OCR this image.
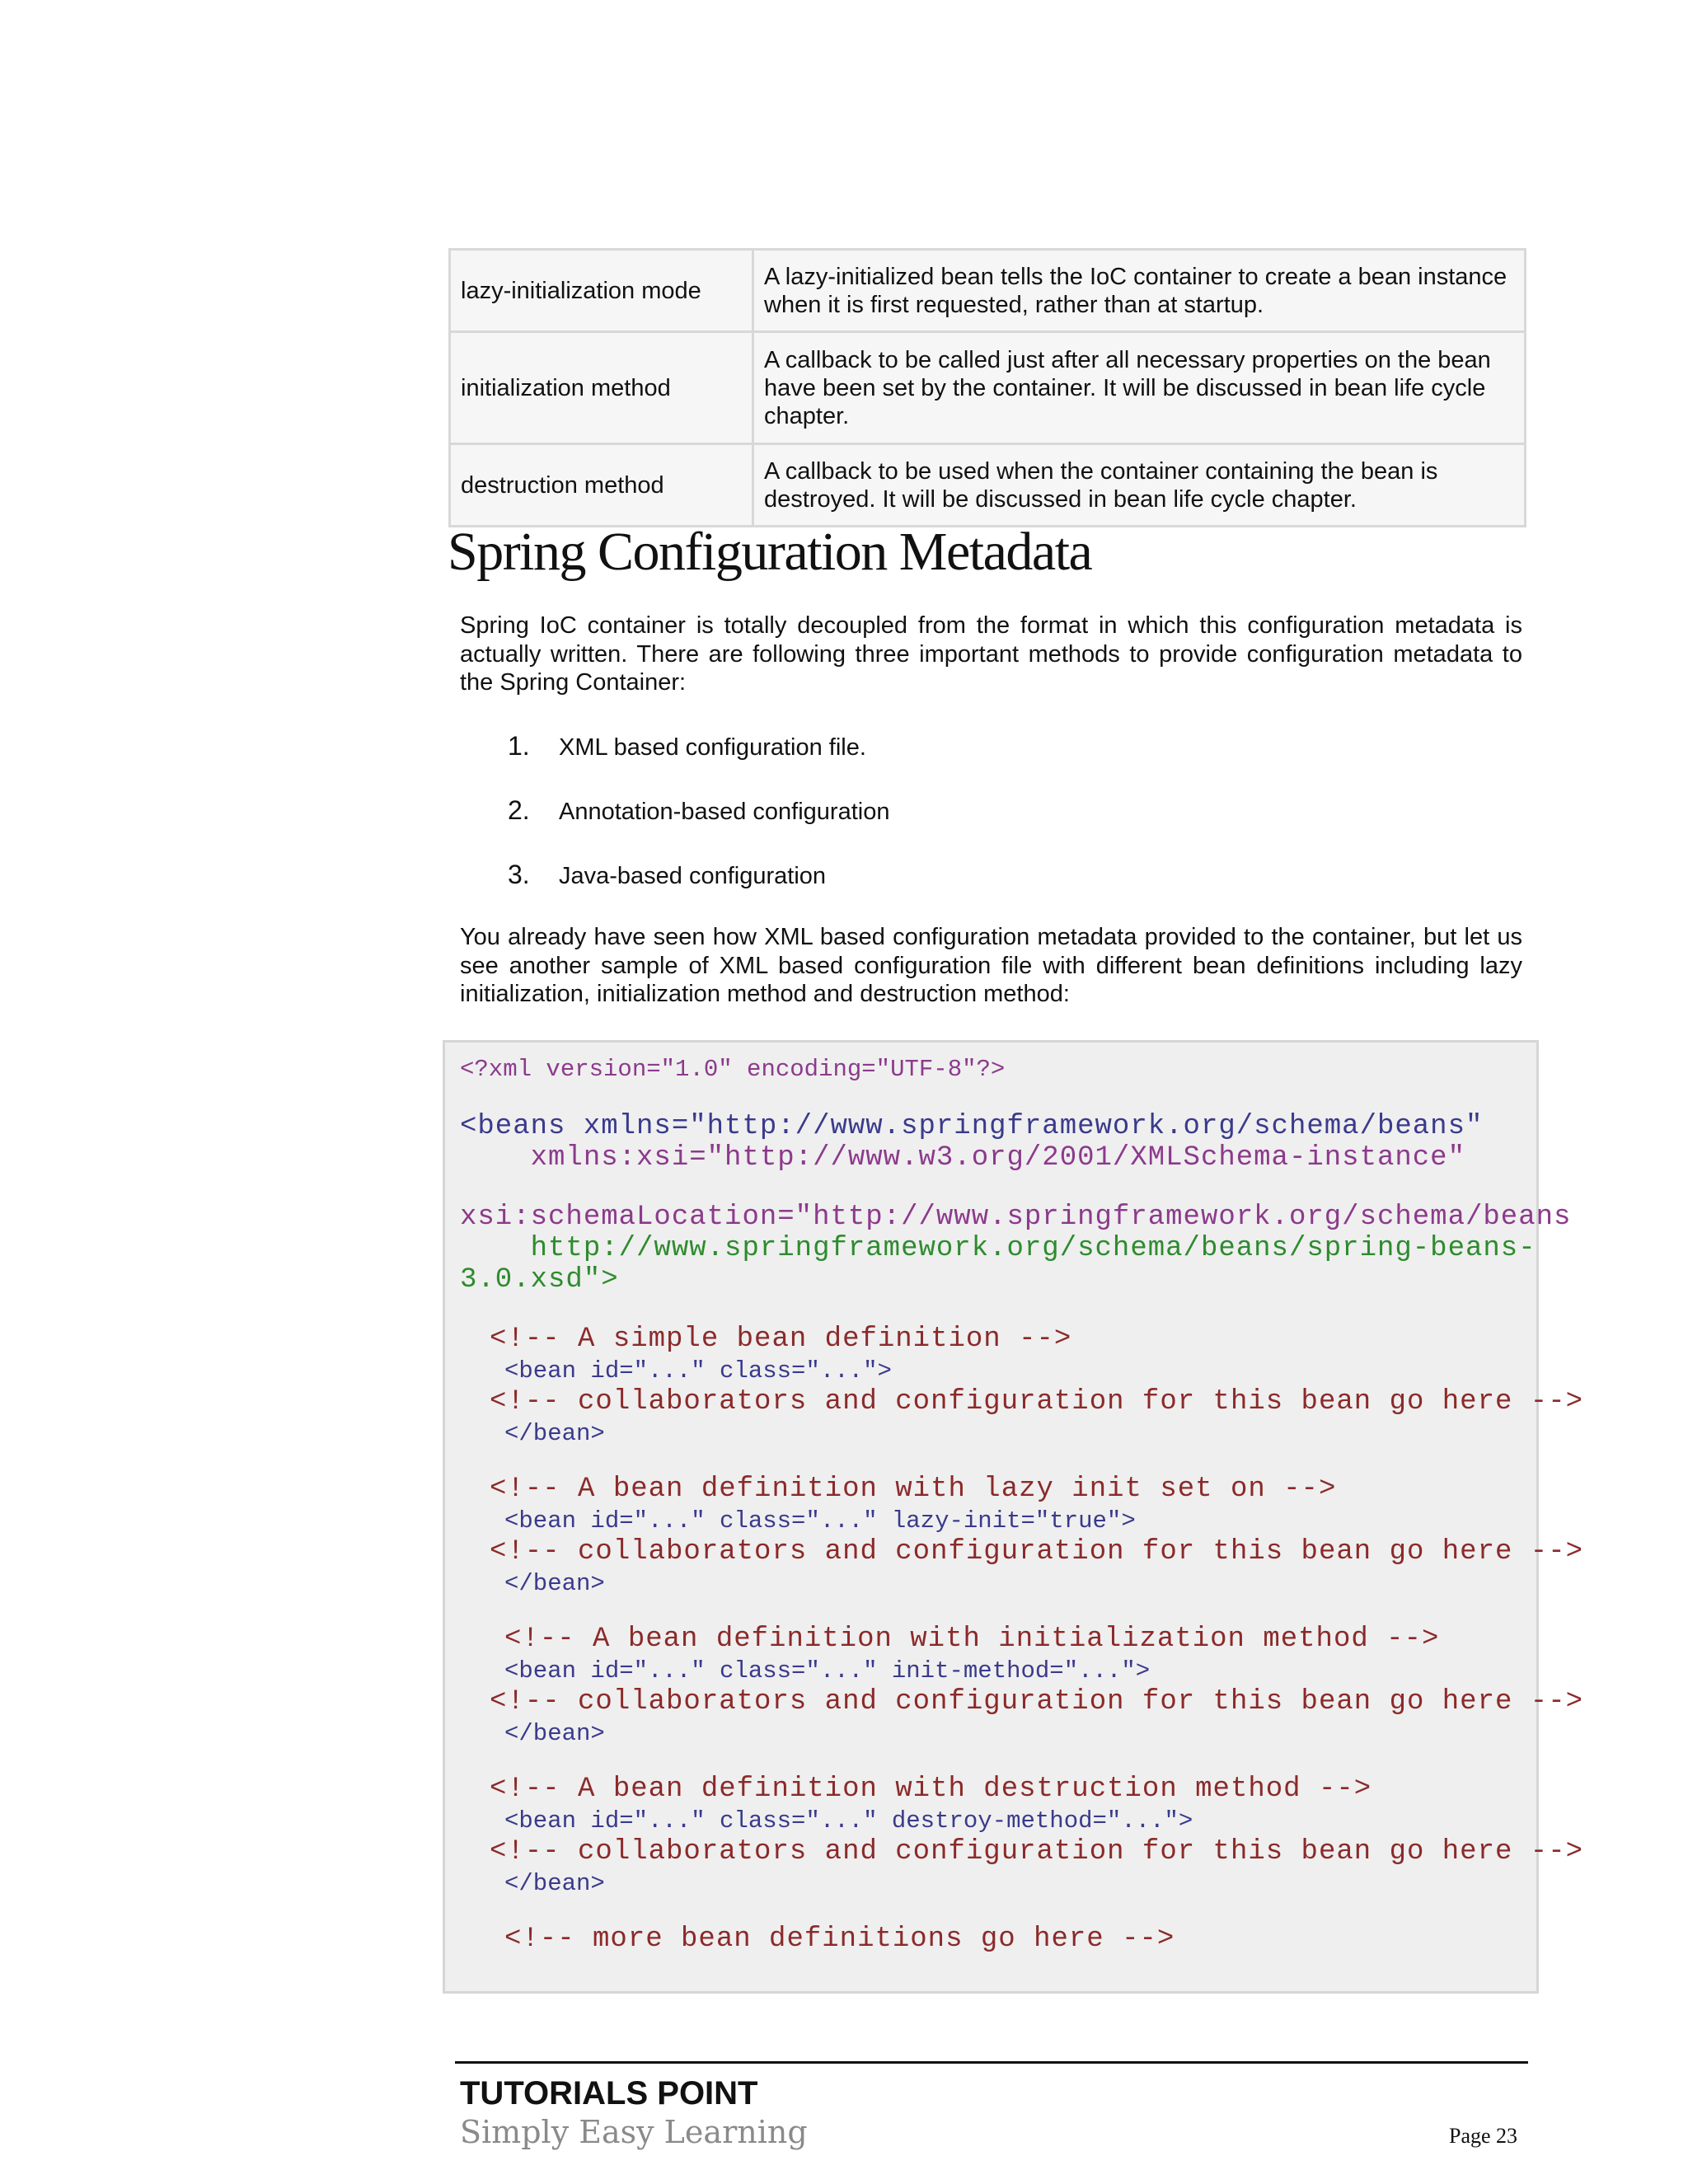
lazy-initialization mode	A lazy-initialized bean tells the IoC container to create a bean instance when it is first requested, rather than at startup.
initialization method	A callback to be called just after all necessary properties on the bean have been set by the container. It will be discussed in bean life cycle chapter.
destruction method	A callback to be used when the container containing the bean is destroyed. It will be discussed in bean life cycle chapter.
Spring Configuration Metadata

Spring IoC container is totally decoupled from the format in which this configuration metadata is actually written. There are following three important methods to provide configuration metadata to the Spring Container:

1. XML based configuration file.
2. Annotation-based configuration
3. Java-based configuration

You already have seen how XML based configuration metadata provided to the container, but let us see another sample of XML based configuration file with different bean definitions including lazy initialization, initialization method and destruction method:

<?xml version="1.0" encoding="UTF-8"?>
<beans xmlns="http://www.springframework.org/schema/beans"
xmlns:xsi="http://www.w3.org/2001/XMLSchema-instance"
xsi:schemaLocation="http://www.springframework.org/schema/beans
http://www.springframework.org/schema/beans/spring-beans-
3.0.xsd">
<!-- A simple bean definition -->
<bean id="..." class="...">
<!-- collaborators and configuration for this bean go here -->
</bean>
<!-- A bean definition with lazy init set on -->
<bean id="..." class="..." lazy-init="true">
<!-- collaborators and configuration for this bean go here -->
</bean>
<!-- A bean definition with initialization method -->
<bean id="..." class="..." init-method="...">
<!-- collaborators and configuration for this bean go here -->
</bean>
<!-- A bean definition with destruction method -->
<bean id="..." class="..." destroy-method="...">
<!-- collaborators and configuration for this bean go here -->
</bean>
<!-- more bean definitions go here -->
TUTORIALS POINT
Simply Easy Learning	Page 23
